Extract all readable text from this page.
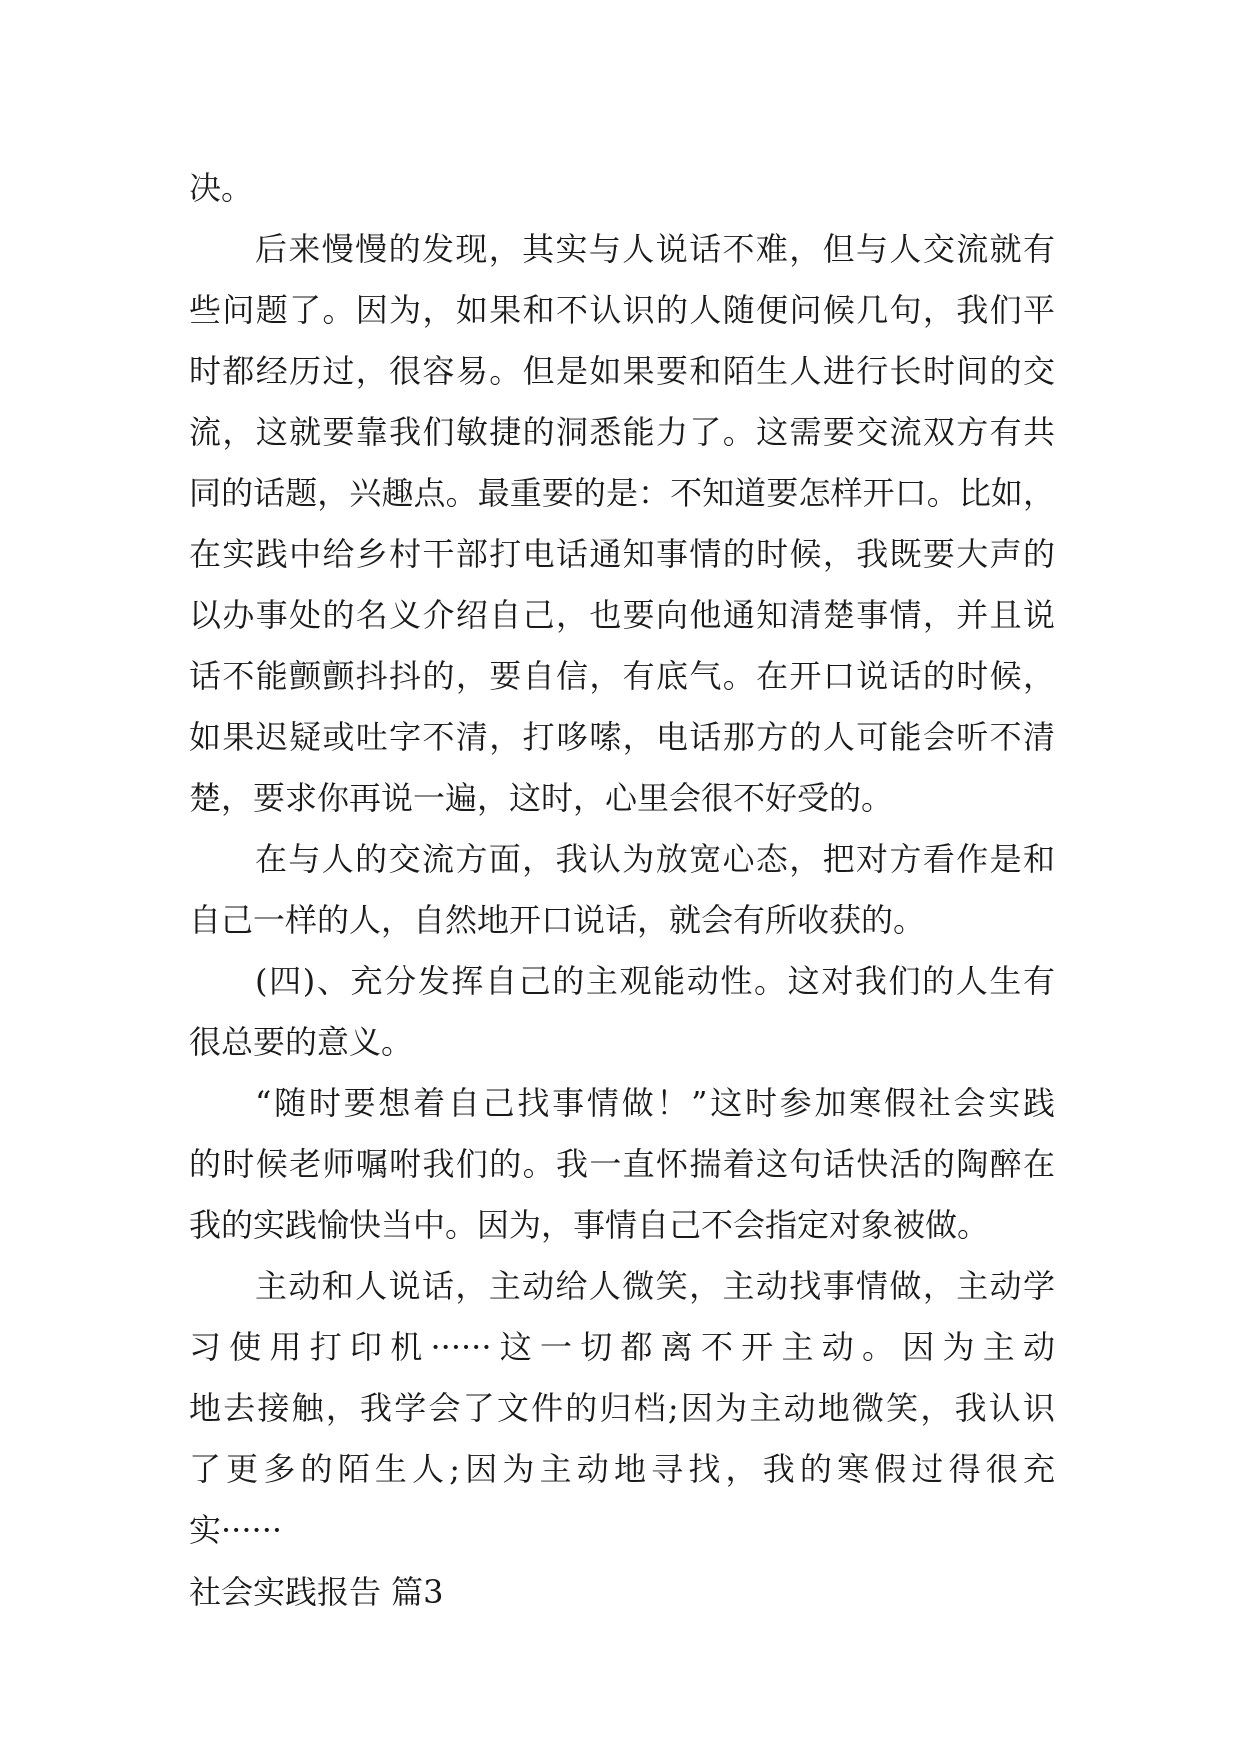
决。
后来慢慢的发现，其实与人说话不难，但与人交流就有
些问题了。因为，如果和不认识的人随便问候几句，我们平
时都经历过，很容易。但是如果要和陌生人进行长时间的交
流，这就要靠我们敏捷的洞悉能力了。这需要交流双方有共
同的话题，兴趣点。最重要的是：不知道要怎样开口。比如，
在实践中给乡村干部打电话通知事情的时候，我既要大声的
以办事处的名义介绍自己，也要向他通知清楚事情，并且说
话不能颤颤抖抖的，要自信，有底气。在开口说话的时候，
如果迟疑或吐字不清，打哆嗦，电话那方的人可能会听不清
楚，要求你再说一遍，这时，心里会很不好受的。
在与人的交流方面，我认为放宽心态，把对方看作是和
自己一样的人，自然地开口说话，就会有所收获的。
(四)、充分发挥自己的主观能动性。这对我们的人生有
很总要的意义。
“随时要想着自己找事情做！”这时参加寒假社会实践
的时候老师嘱咐我们的。我一直怀揣着这句话快活的陶醉在
我的实践愉快当中。因为，事情自己不会指定对象被做。
主动和人说话，主动给人微笑，主动找事情做，主动学
习使用打印机······这一切都离不开主动。因为主动
地去接触，我学会了文件的归档;因为主动地微笑，我认识
了更多的陌生人;因为主动地寻找，我的寒假过得很充
实······
社会实践报告 篇3
